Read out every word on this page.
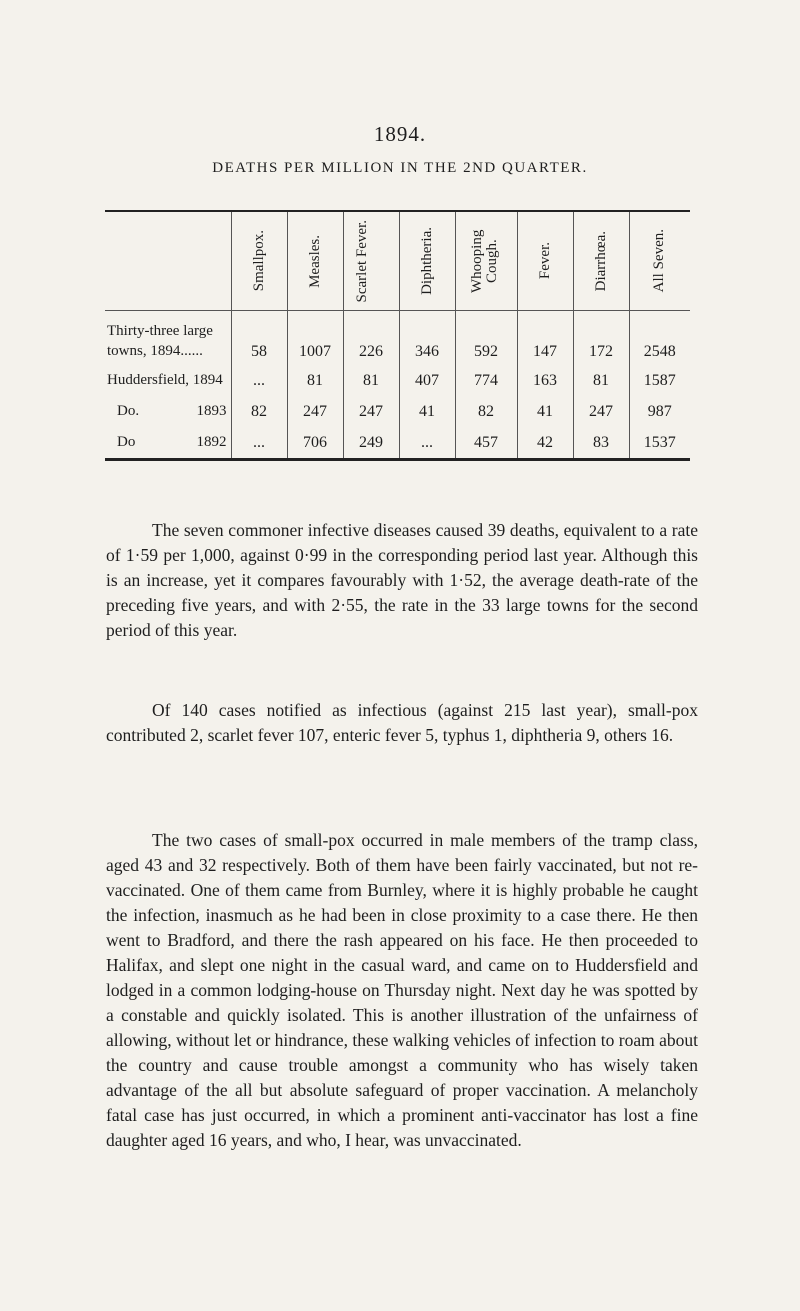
1894.
DEATHS PER MILLION IN THE 2ND QUARTER.

	Smallpox.	Measles.	Scarlet Fever.	Diphtheria.	Whooping Cough.	Fever.	Diarrhœa.	All Seven.

Thirty-three large
towns, 1894......	58	1007	226	346	592	147	172	2548
Huddersfield, 1894	...	81	81	407	774	163	81	1587
Do. 1893	82	247	247	41	82	41	247	987
Do 1892	...	706	249	...	457	42	83	1537

The seven commoner infective diseases caused 39 deaths, equivalent to a rate of 1·59 per 1,000, against 0·99 in the corresponding period last year. Although this is an increase, yet it compares favourably with 1·52, the average death-rate of the preceding five years, and with 2·55, the rate in the 33 large towns for the second period of this year.

Of 140 cases notified as infectious (against 215 last year), small-pox contributed 2, scarlet fever 107, enteric fever 5, typhus 1, diphtheria 9, others 16.

The two cases of small-pox occurred in male members of the tramp class, aged 43 and 32 respectively. Both of them have been fairly vaccinated, but not re-vaccinated. One of them came from Burnley, where it is highly probable he caught the infection, inasmuch as he had been in close proximity to a case there. He then went to Bradford, and there the rash appeared on his face. He then proceeded to Halifax, and slept one night in the casual ward, and came on to Huddersfield and lodged in a common lodging-house on Thursday night. Next day he was spotted by a constable and quickly isolated. This is another illustration of the unfairness of allowing, without let or hindrance, these walking vehicles of infection to roam about the country and cause trouble amongst a community who has wisely taken advantage of the all but absolute safeguard of proper vaccination. A melancholy fatal case has just occurred, in which a prominent anti-vaccinator has lost a fine daughter aged 16 years, and who, I hear, was unvaccinated.
